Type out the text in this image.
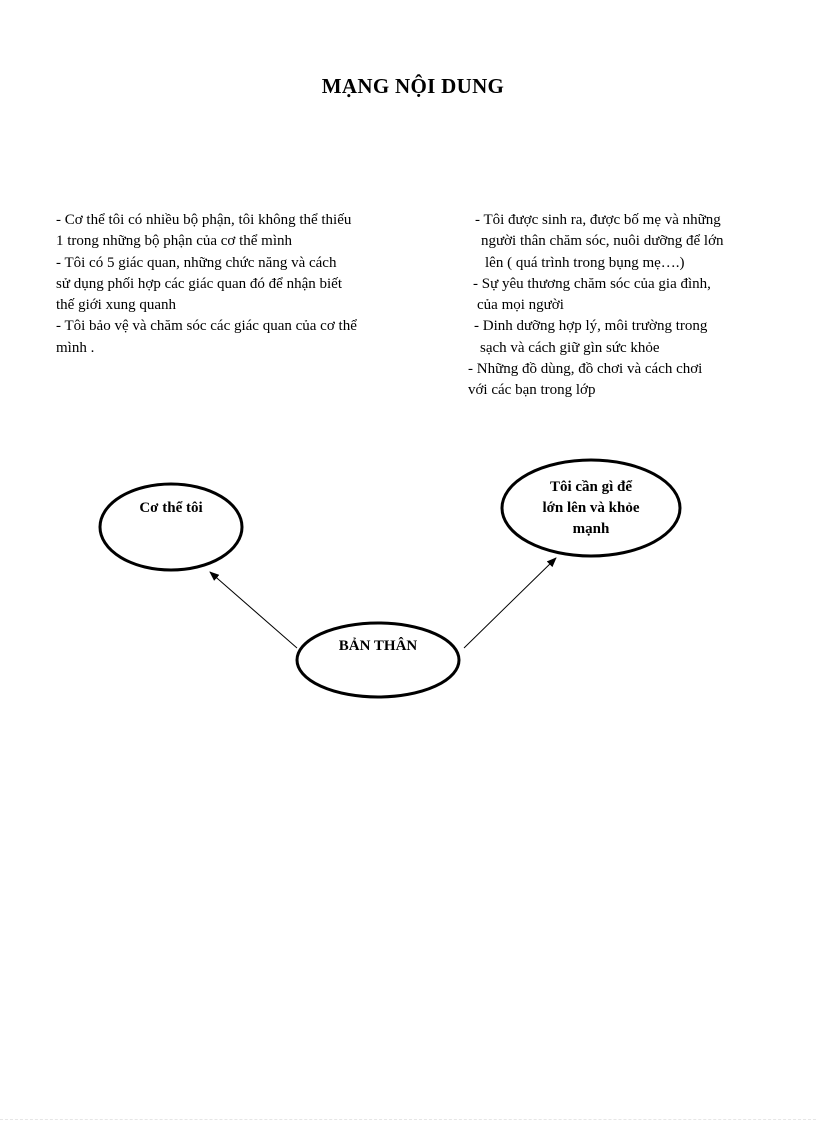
MẠNG NỘI DUNG
- Cơ thể tôi có nhiều bộ phận, tôi không thể thiếu
1 trong những bộ phận của cơ thể mình
- Tôi có 5 giác quan, những chức năng và cách
sử dụng phối hợp các giác quan đó để nhận biết
thế giới xung quanh
- Tôi bảo vệ và chăm sóc các giác quan của cơ thể
mình .
- Tôi được sinh ra, được bố mẹ và những
người thân chăm sóc, nuôi dưỡng để lớn
lên ( quá trình trong bụng mẹ….)
- Sự yêu thương chăm sóc của gia đình,
của mọi người
- Dinh dưỡng hợp lý, môi trường trong
sạch và cách giữ gìn sức khỏe
- Những đồ dùng, đồ chơi và cách chơi
với các bạn trong lớp
Cơ thể tôi
Tôi cần gì để
lớn lên và khỏe
mạnh
BẢN THÂN
